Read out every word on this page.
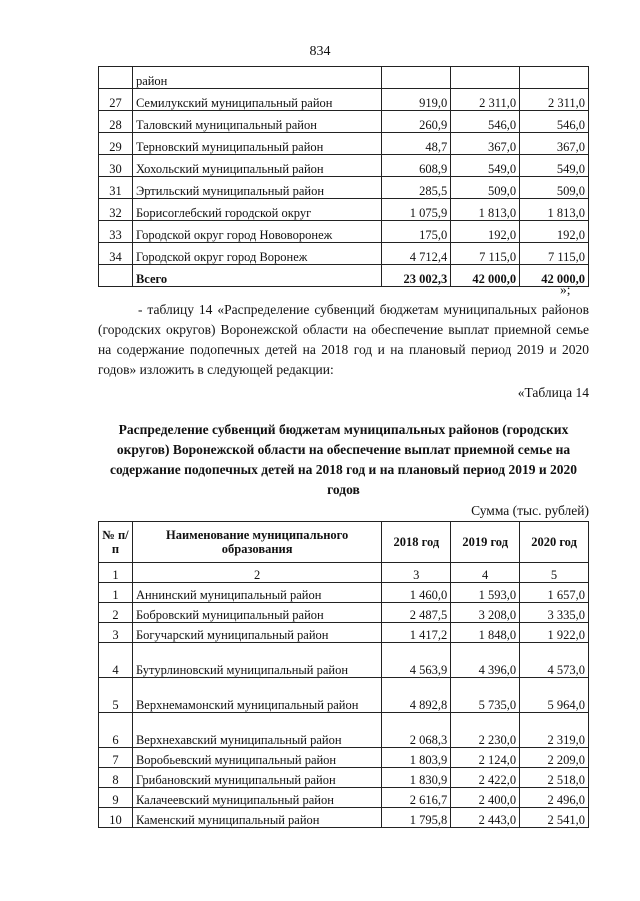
834
	район			
27	Семилукский муниципальный район	919,0	2 311,0	2 311,0
28	Таловский муниципальный район	260,9	546,0	546,0
29	Терновский муниципальный район	48,7	367,0	367,0
30	Хохольский муниципальный район	608,9	549,0	549,0
31	Эртильский муниципальный район	285,5	509,0	509,0
32	Борисоглебский городской округ	1 075,9	1 813,0	1 813,0
33	Городской округ город Нововоронеж	175,0	192,0	192,0
34	Городской округ город Воронеж	4 712,4	7 115,0	7 115,0
	Всего	23 002,3	42 000,0	42 000,0
»;
- таблицу 14 «Распределение субвенций бюджетам муниципальных районов (городских округов) Воронежской области на обеспечение выплат приемной семье на содержание подопечных детей на 2018 год и на плановый период 2019 и 2020 годов» изложить в следующей редакции:
«Таблица 14
Распределение субвенций бюджетам муниципальных районов (городских округов) Воронежской области на обеспечение выплат приемной семье на содержание подопечных детей на 2018 год и на плановый период 2019 и 2020 годов
Сумма (тыс. рублей)
№ п/п	Наименование муниципального образования	2018 год	2019 год	2020 год
1	2	3	4	5
1	Аннинский муниципальный район	1 460,0	1 593,0	1 657,0
2	Бобровский муниципальный район	2 487,5	3 208,0	3 335,0
3	Богучарский муниципальный район	1 417,2	1 848,0	1 922,0
4	Бутурлиновский муниципальный район	4 563,9	4 396,0	4 573,0
5	Верхнемамонский муниципальный район	4 892,8	5 735,0	5 964,0
6	Верхнехавский муниципальный район	2 068,3	2 230,0	2 319,0
7	Воробьевский муниципальный район	1 803,9	2 124,0	2 209,0
8	Грибановский муниципальный район	1 830,9	2 422,0	2 518,0
9	Калачеевский муниципальный район	2 616,7	2 400,0	2 496,0
10	Каменский муниципальный район	1 795,8	2 443,0	2 541,0
